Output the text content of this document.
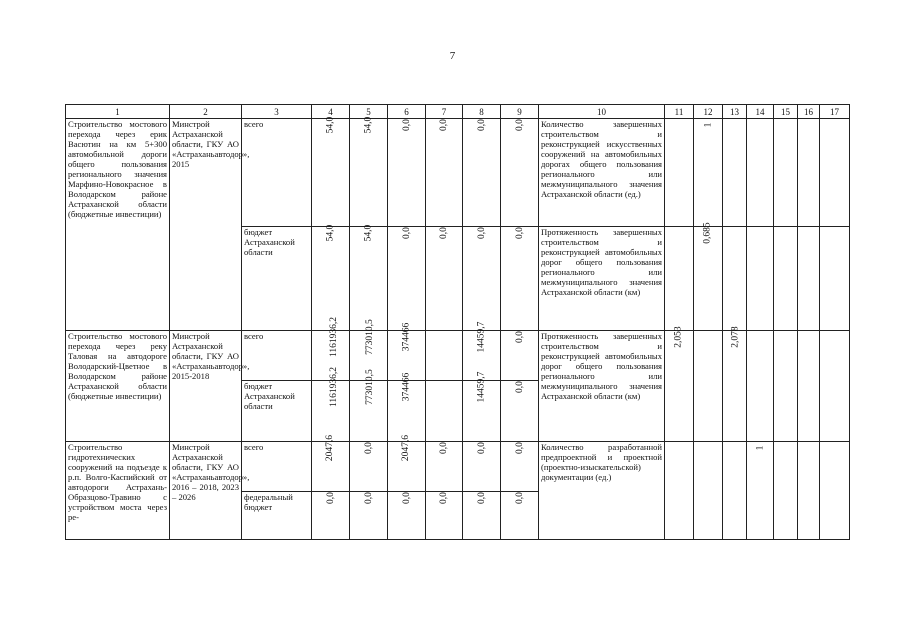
7
1	2	3	4	5	6	7	8	9	10	11	12	13	14	15	16	17
Строительство мостового перехода через ерик Васютин на км 5+300 автомобильной дороги общего пользования регионального значения Марфино-Новокрасное в Володарском районе Астраханской области (бюджетные инвестиции)	Минстрой Астраханской области, ГКУ АО «Астраханьавтодор», 2015	всего	54,0	54,0	0,0	0,0	0,0	0,0	Количество завершенных строительством и реконструкцией искусственных сооружений на автомобильных дорогах общего пользования регионального или межмуниципального значения Астраханской области (ед.)		1					
		бюджет Астраханской области	54,0	54,0	0,0	0,0	0,0	0,0	Протяженность завершенных строительством и реконструкцией автомобильных дорог общего пользования регионального или межмуниципального значения Астраханской области (км)		0,685					
Строительство мостового перехода через реку Таловая на автодороге Володарский-Цветное в Володарском районе Астраханской области (бюджетные инвестиции)	Минстрой Астраханской области, ГКУ АО «Астраханьавтодор», 2015-2018	всего	1161936,2	773010,5	374466		14459,7	0,0	Протяженность завершенных строительством и реконструкцией автомобильных дорог общего пользования регионального или межмуниципального значения Астраханской области (км)	2,053		2,078				
		бюджет Астраханской области	1161936,2	773010,5	374466		14459,7	0,0								
Строительство гидротехнических сооружений на подъезде к р.п. Волго-Каспийский от автодороги Астрахань-Образцово-Травино с устройством моста через ре-	Минстрой Астраханской области, ГКУ АО «Астраханьавтодор», 2016 – 2018, 2023 – 2026	всего	2047,6	0,0	2047,6	0,0	0,0	0,0	Количество разработанной предпроектной и проектной (проектно-изыскательской) документации (ед.)				1			
		федеральный бюджет	0,0	0,0	0,0	0,0	0,0	0,0								
